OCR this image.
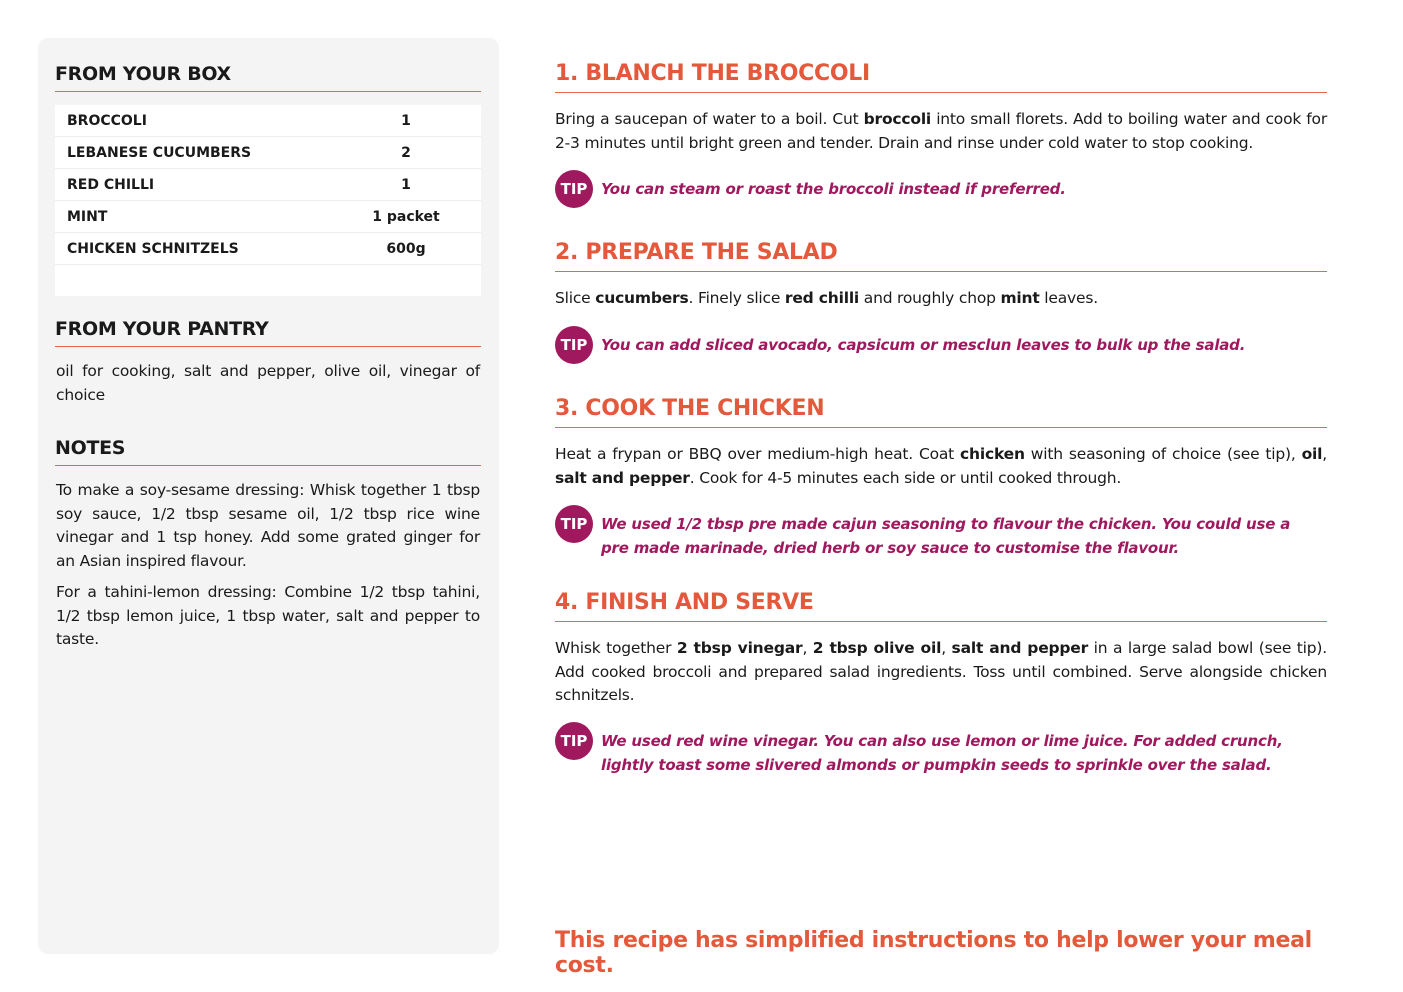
FROM YOUR BOX
BROCCOLI	1
LEBANESE CUCUMBERS	2
RED CHILLI	1
MINT	1 packet
CHICKEN SCHNITZELS	600g

FROM YOUR PANTRY

oil for cooking, salt and pepper, olive oil, vinegar of choice

NOTES

To make a soy-sesame dressing: Whisk together 1 tbsp soy sauce, 1/2 tbsp sesame oil, 1/2 tbsp rice wine vinegar and 1 tsp honey. Add some grated ginger for an Asian inspired flavour.

For a tahini-lemon dressing: Combine 1/2 tbsp tahini, 1/2 tbsp lemon juice, 1 tbsp water, salt and pepper to taste.

1. BLANCH THE BROCCOLI

Bring a saucepan of water to a boil. Cut broccoli into small florets. Add to boiling water and cook for 2-3 minutes until bright green and tender. Drain and rinse under cold water to stop cooking.

TIP You can steam or roast the broccoli instead if preferred.

2. PREPARE THE SALAD

Slice cucumbers. Finely slice red chilli and roughly chop mint leaves.

TIP You can add sliced avocado, capsicum or mesclun leaves to bulk up the salad.

3. COOK THE CHICKEN

Heat a frypan or BBQ over medium-high heat. Coat chicken with seasoning of choice (see tip), oil, salt and pepper. Cook for 4-5 minutes each side or until cooked through.

TIP We used 1/2 tbsp pre made cajun seasoning to flavour the chicken. You could use a
pre made marinade, dried herb or soy sauce to customise the flavour.

4. FINISH AND SERVE

Whisk together 2 tbsp vinegar, 2 tbsp olive oil, salt and pepper in a large salad bowl (see tip). Add cooked broccoli and prepared salad ingredients. Toss until combined. Serve alongside chicken schnitzels.

TIP We used red wine vinegar. You can also use lemon or lime juice. For added crunch,
lightly toast some slivered almonds or pumpkin seeds to sprinkle over the salad.

This recipe has simplified instructions to help lower your meal cost.
